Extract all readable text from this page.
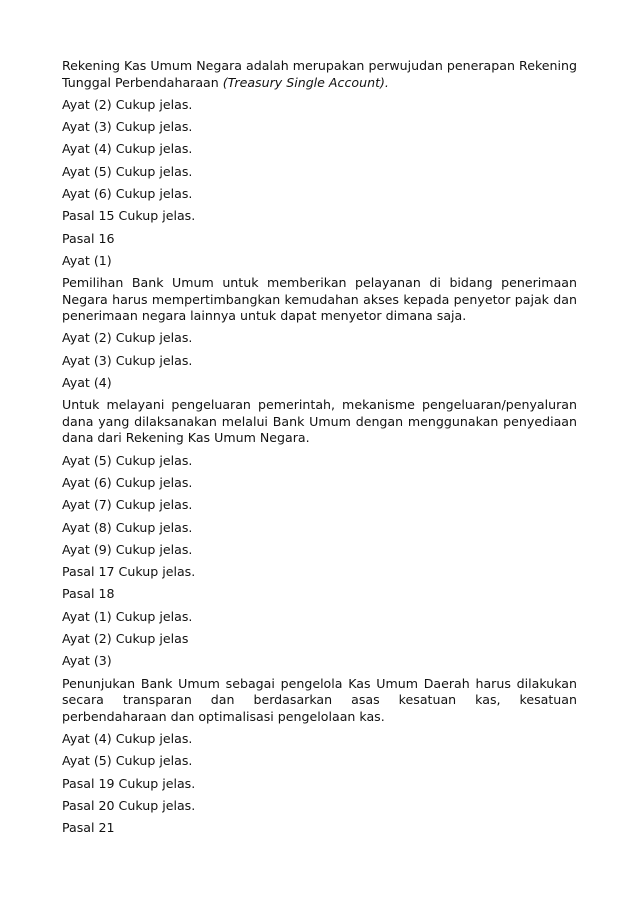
Rekening Kas Umum Negara adalah merupakan perwujudan penerapan Rekening Tunggal Perbendaharaan (Treasury Single Account).

Ayat (2) Cukup jelas.

Ayat (3) Cukup jelas.

Ayat (4) Cukup jelas.

Ayat (5) Cukup jelas.

Ayat (6) Cukup jelas.

Pasal 15 Cukup jelas.

Pasal 16

Ayat (1)

Pemilihan Bank Umum untuk memberikan pelayanan di bidang penerimaan Negara harus mempertimbangkan kemudahan akses kepada penyetor pajak dan penerimaan negara lainnya untuk dapat menyetor dimana saja.

Ayat (2) Cukup jelas.

Ayat (3) Cukup jelas.

Ayat (4)

Untuk melayani pengeluaran pemerintah, mekanisme pengeluaran/penyaluran dana yang dilaksanakan melalui Bank Umum dengan menggunakan penyediaan dana dari Rekening Kas Umum Negara.

Ayat (5) Cukup jelas.

Ayat (6) Cukup jelas.

Ayat (7) Cukup jelas.

Ayat (8) Cukup jelas.

Ayat (9) Cukup jelas.

Pasal 17 Cukup jelas.

Pasal 18

Ayat (1) Cukup jelas.

Ayat (2) Cukup jelas

Ayat (3)

Penunjukan Bank Umum sebagai pengelola Kas Umum Daerah harus dilakukan secara transparan dan berdasarkan asas kesatuan kas, kesatuan perbendaharaan dan optimalisasi pengelolaan kas.

Ayat (4) Cukup jelas.

Ayat (5) Cukup jelas.

Pasal 19 Cukup jelas.

Pasal 20 Cukup jelas.

Pasal 21
